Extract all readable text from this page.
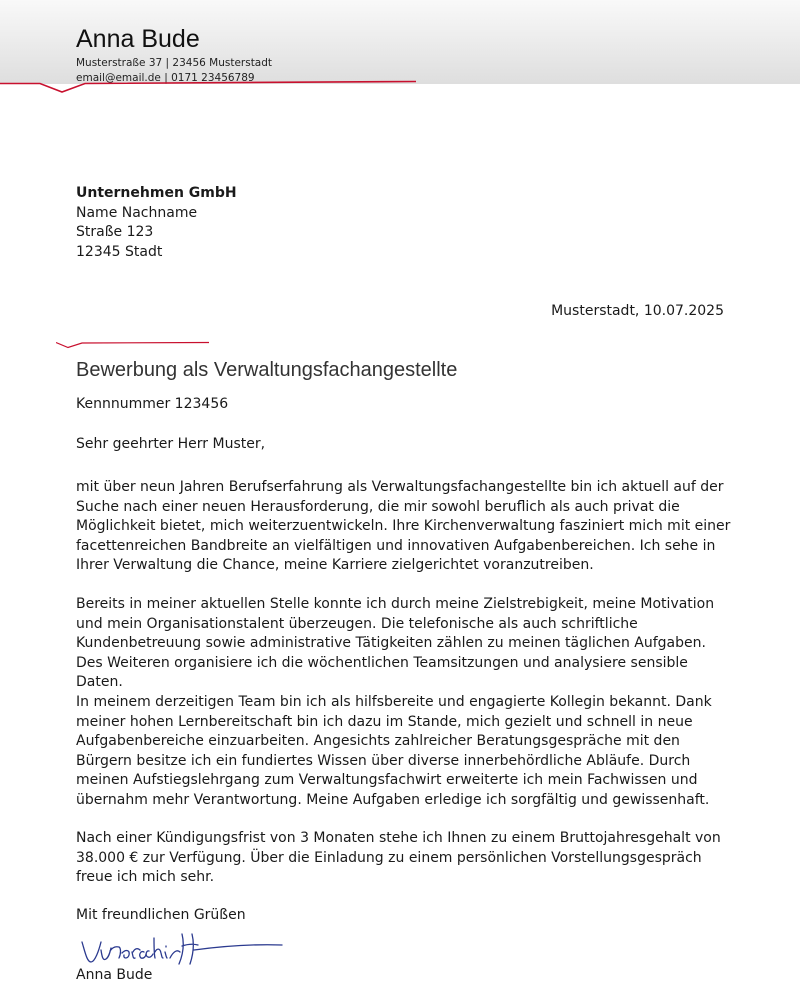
Anna Bude
Musterstraße 37 | 23456 Musterstadt
email@email.de | 0171 23456789
Unternehmen GmbH
Name Nachname
Straße 123
12345 Stadt
Musterstadt, 10.07.2025
Bewerbung als Verwaltungsfachangestellte
Kennnummer 123456
Sehr geehrter Herr Muster,
mit über neun Jahren Berufserfahrung als Verwaltungsfachangestellte bin ich aktuell auf der Suche nach einer neuen Herausforderung, die mir sowohl beruflich als auch privat die Möglichkeit bietet, mich weiterzuentwickeln. Ihre Kirchenverwaltung fasziniert mich mit einer facettenreichen Bandbreite an vielfältigen und innovativen Aufgabenbereichen. Ich sehe in Ihrer Verwaltung die Chance, meine Karriere zielgerichtet voranzutreiben.
Bereits in meiner aktuellen Stelle konnte ich durch meine Zielstrebigkeit, meine Motivation und mein Organisationstalent überzeugen. Die telefonische als auch schriftliche Kundenbetreuung sowie administrative Tätigkeiten zählen zu meinen täglichen Aufgaben. Des Weiteren organisiere ich die wöchentlichen Teamsitzungen und analysiere sensible Daten.
In meinem derzeitigen Team bin ich als hilfsbereite und engagierte Kollegin bekannt. Dank meiner hohen Lernbereitschaft bin ich dazu im Stande, mich gezielt und schnell in neue Aufgabenbereiche einzuarbeiten. Angesichts zahlreicher Beratungsgespräche mit den Bürgern besitze ich ein fundiertes Wissen über diverse innerbehördliche Abläufe. Durch meinen Aufstiegslehrgang zum Verwaltungsfachwirt erweiterte ich mein Fachwissen und übernahm mehr Verantwortung. Meine Aufgaben erledige ich sorgfältig und gewissenhaft.
Nach einer Kündigungsfrist von 3 Monaten stehe ich Ihnen zu einem Bruttojahresgehalt von 38.000 € zur Verfügung. Über die Einladung zu einem persönlichen Vorstellungsgespräch freue ich mich sehr.
Mit freundlichen Grüßen
Anna Bude
